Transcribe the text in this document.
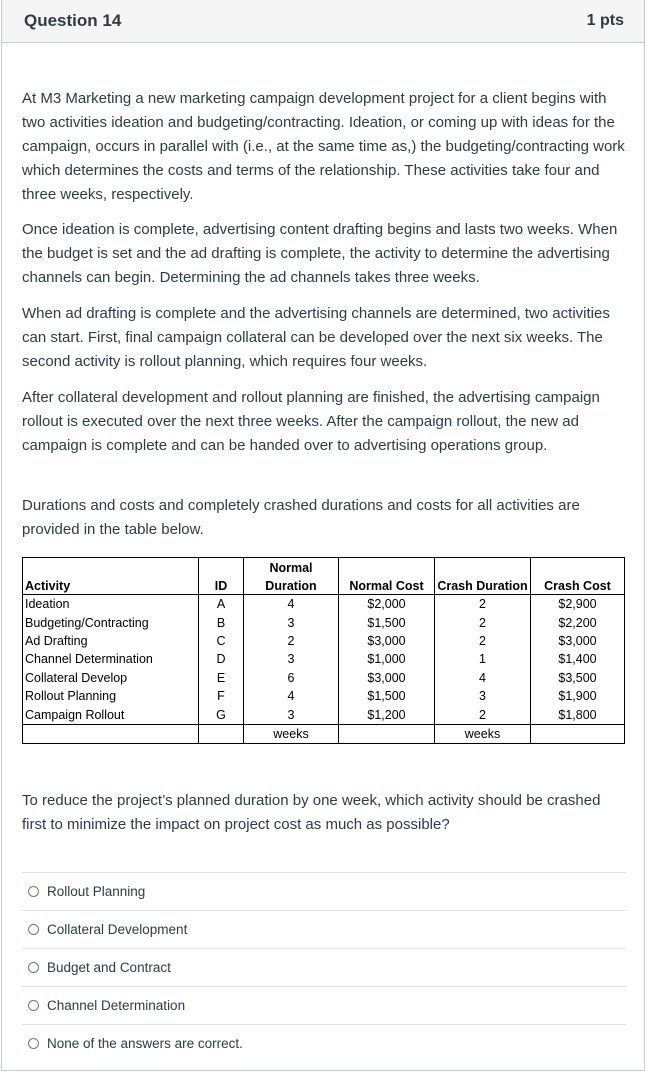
Question 14	1 pts

At M3 Marketing a new marketing campaign development project for a client begins with two activities ideation and budgeting/contracting. Ideation, or coming up with ideas for the campaign, occurs in parallel with (i.e., at the same time as,) the budgeting/contracting work which determines the costs and terms of the relationship. These activities take four and three weeks, respectively.

Once ideation is complete, advertising content drafting begins and lasts two weeks. When the budget is set and the ad drafting is complete, the activity to determine the advertising channels can begin. Determining the ad channels takes three weeks.

When ad drafting is complete and the advertising channels are determined, two activities can start. First, final campaign collateral can be developed over the next six weeks. The second activity is rollout planning, which requires four weeks.

After collateral development and rollout planning are finished, the advertising campaign rollout is executed over the next three weeks. After the campaign rollout, the new ad campaign is complete and can be handed over to advertising operations group.

Durations and costs and completely crashed durations and costs for all activities are provided in the table below.

		Normal			
Activity	ID	Duration	Normal Cost	Crash Duration	Crash Cost
Ideation	A	4	$2,000	2	$2,900
Budgeting/Contracting	B	3	$1,500	2	$2,200
Ad Drafting	C	2	$3,000	2	$3,000
Channel Determination	D	3	$1,000	1	$1,400
Collateral Develop	E	6	$3,000	4	$3,500
Rollout Planning	F	4	$1,500	3	$1,900
Campaign Rollout	G	3	$1,200	2	$1,800
		weeks		weeks	

To reduce the project’s planned duration by one week, which activity should be crashed first to minimize the impact on project cost as much as possible?

Rollout Planning
Collateral Development
Budget and Contract
Channel Determination
None of the answers are correct.
